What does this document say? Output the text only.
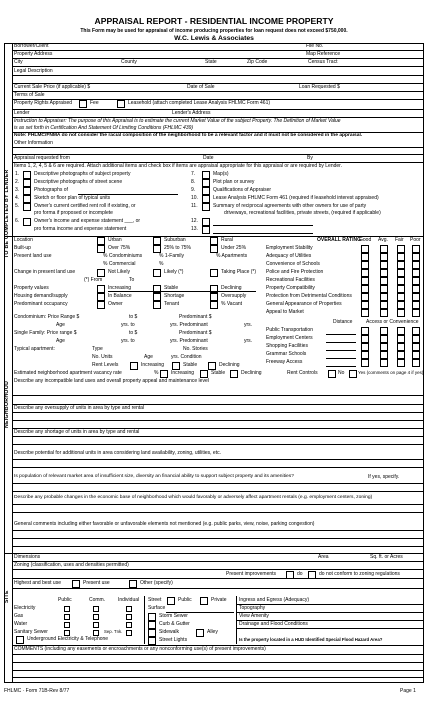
APPRAISAL REPORT - RESIDENTIAL INCOME PROPERTY
This Form may be used for appraisal of income producing properties for loan request does not exceed $750,000.
W.C. Lewis & Associates
TO BE COMPLETED BY LENDER
NEIGHBORHOOD
SITE
Borrower/Client	File No.
Property Address	Map Reference
City	County	State	Zip Code	Census Tract
Legal Description
Current Sale Price (if applicable) $	Date of Sale	Loan Requested $
Terms of Sale
Property Rights Appraised	Fee	Leasehold (attach completed Lease Analysis FHLMC Form 461)
Lender	Lender's Address
Instruction to Appraiser: The purpose of this Appraisal is to estimate the current Market Value of the subject Property. The Definition of Market Value
is as set forth in Certification And Statement Of Limiting Conditions (FHLMC 439)
Note: FHLMC/FNMA do not consider the racial composition of the neighborhood to be a relevant factor and it must not be considered in the appraisal.
Other Information
Appraisal requested from	Date	By
Items 1, 2, 4, 5 & 6 are required. Attach additional items and check box if items are appraisal appropriate for this appraisal or are required by Lender.
1.	Descriptive photographs of subject property
2.	Descriptive photographs of street scene
3.	Photographs of
4.	Sketch or floor plan of typical units
5.	Owner's current certified rent roll if existing, or
pro forma if proposed or incomplete
6.	Owner's income and expense statement ___, or
pro forma income and expense statement
7.	Map(s)
8.	Plot plan or survey
9.	Qualifications of Appraiser
10.	Lease Analysis FHLMC Form 461 (required if leasehold interest appraised)
11.	Summary of reciprocal agreements with other owners for use of party
driveways, recreational facilities, private streets, (required if applicable)
12.
13.
Location	Urban	Suburban	Rural
Built-up	Over 75%	25% to 75%	Under 25%
Present land use	% Condominiums	% 1-Family	% Apartments
% Commercial	%
Change in present land use	Not Likely	Likely (*)	Taking Place (*)
(*) From	To
Property values	Increasing	Stable	Declining
Housing demand/supply	In Balance	Shortage	Oversupply
Predominant occupancy	Owner	Tenant	% Vacant
Condominium: Price Range $	to $	Predominant $
Age	yrs. to	yrs. Predominant	yrs.
Single Family: Price range $	to $	Predominant $
Age	yrs. to	yrs. Predominant	yrs.
Typical apartment:	Type	No. Stories
No. Units	Age	yrs. Condition
Rent Levels	Increasing	Stable	Declining
Estimated neighborhood apartment vacancy rate	%	Increasing	Stable	Declining	Rent Controls	No	Yes (comments on page 4 if yes)
OVERALL RATING
Good Avg. Fair Poor
Employment Stability
Adequacy of Utilities
Convenience of Schools
Police and Fire Protection
Recreational Facilities
Property Compatibility
Protection from Detrimental Conditions
General Appearance of Properties
Appeal to Market
Distance	Access or Convenience
Public Transportation
Employment Centers
Shopping Facilities
Grammar Schools
Freeway Access
Describe any incompatible land uses and overall property appeal and maintenance level
Describe any oversupply of units in area by type and rental
Describe any shortage of units in area by type and rental
Describe potential for additional units in area considering land availability, zoning, utilities, etc.
Is population of relevant market area of insufficient size, diversity an financial ability to support subject property and its amenities?	If yes, specify.
Describe any probable changes in the economic base of neighborhood which would favorably or adversely affect apartment rentals (e.g. employment centers, zoning)
General comments including either favorable or unfavorable elements not mentioned (e.g. public parks, view, noise, parking congestion)
Dimensions	Area	Sq. ft. or Acres
Zoning (classification, uses and densities permitted)
Present improvements	do	do not conform to zoning regulations
Highest and best use	Present use	Other (specify)
Public	Comm.	Individual
Electricity
Gas
Water
Sanitary Sewer	Sep. Tnk.
Underground Electricity & Telephone
Street	Public	Private
Surface
Storm Sewer
Curb & Gutter
Sidewalk	Alley
Street Lights
Ingress and Egress (Adequacy)
Topography
View Amenity
Drainage and Flood Conditions
Is the property located in a HUD Identified Special Flood Hazard Area?
COMMENTS (including any easements or encroachments or any nonconforming use(s) of present improvements)
FHLMC · Form 71B-Rev 8/77	Page 1
